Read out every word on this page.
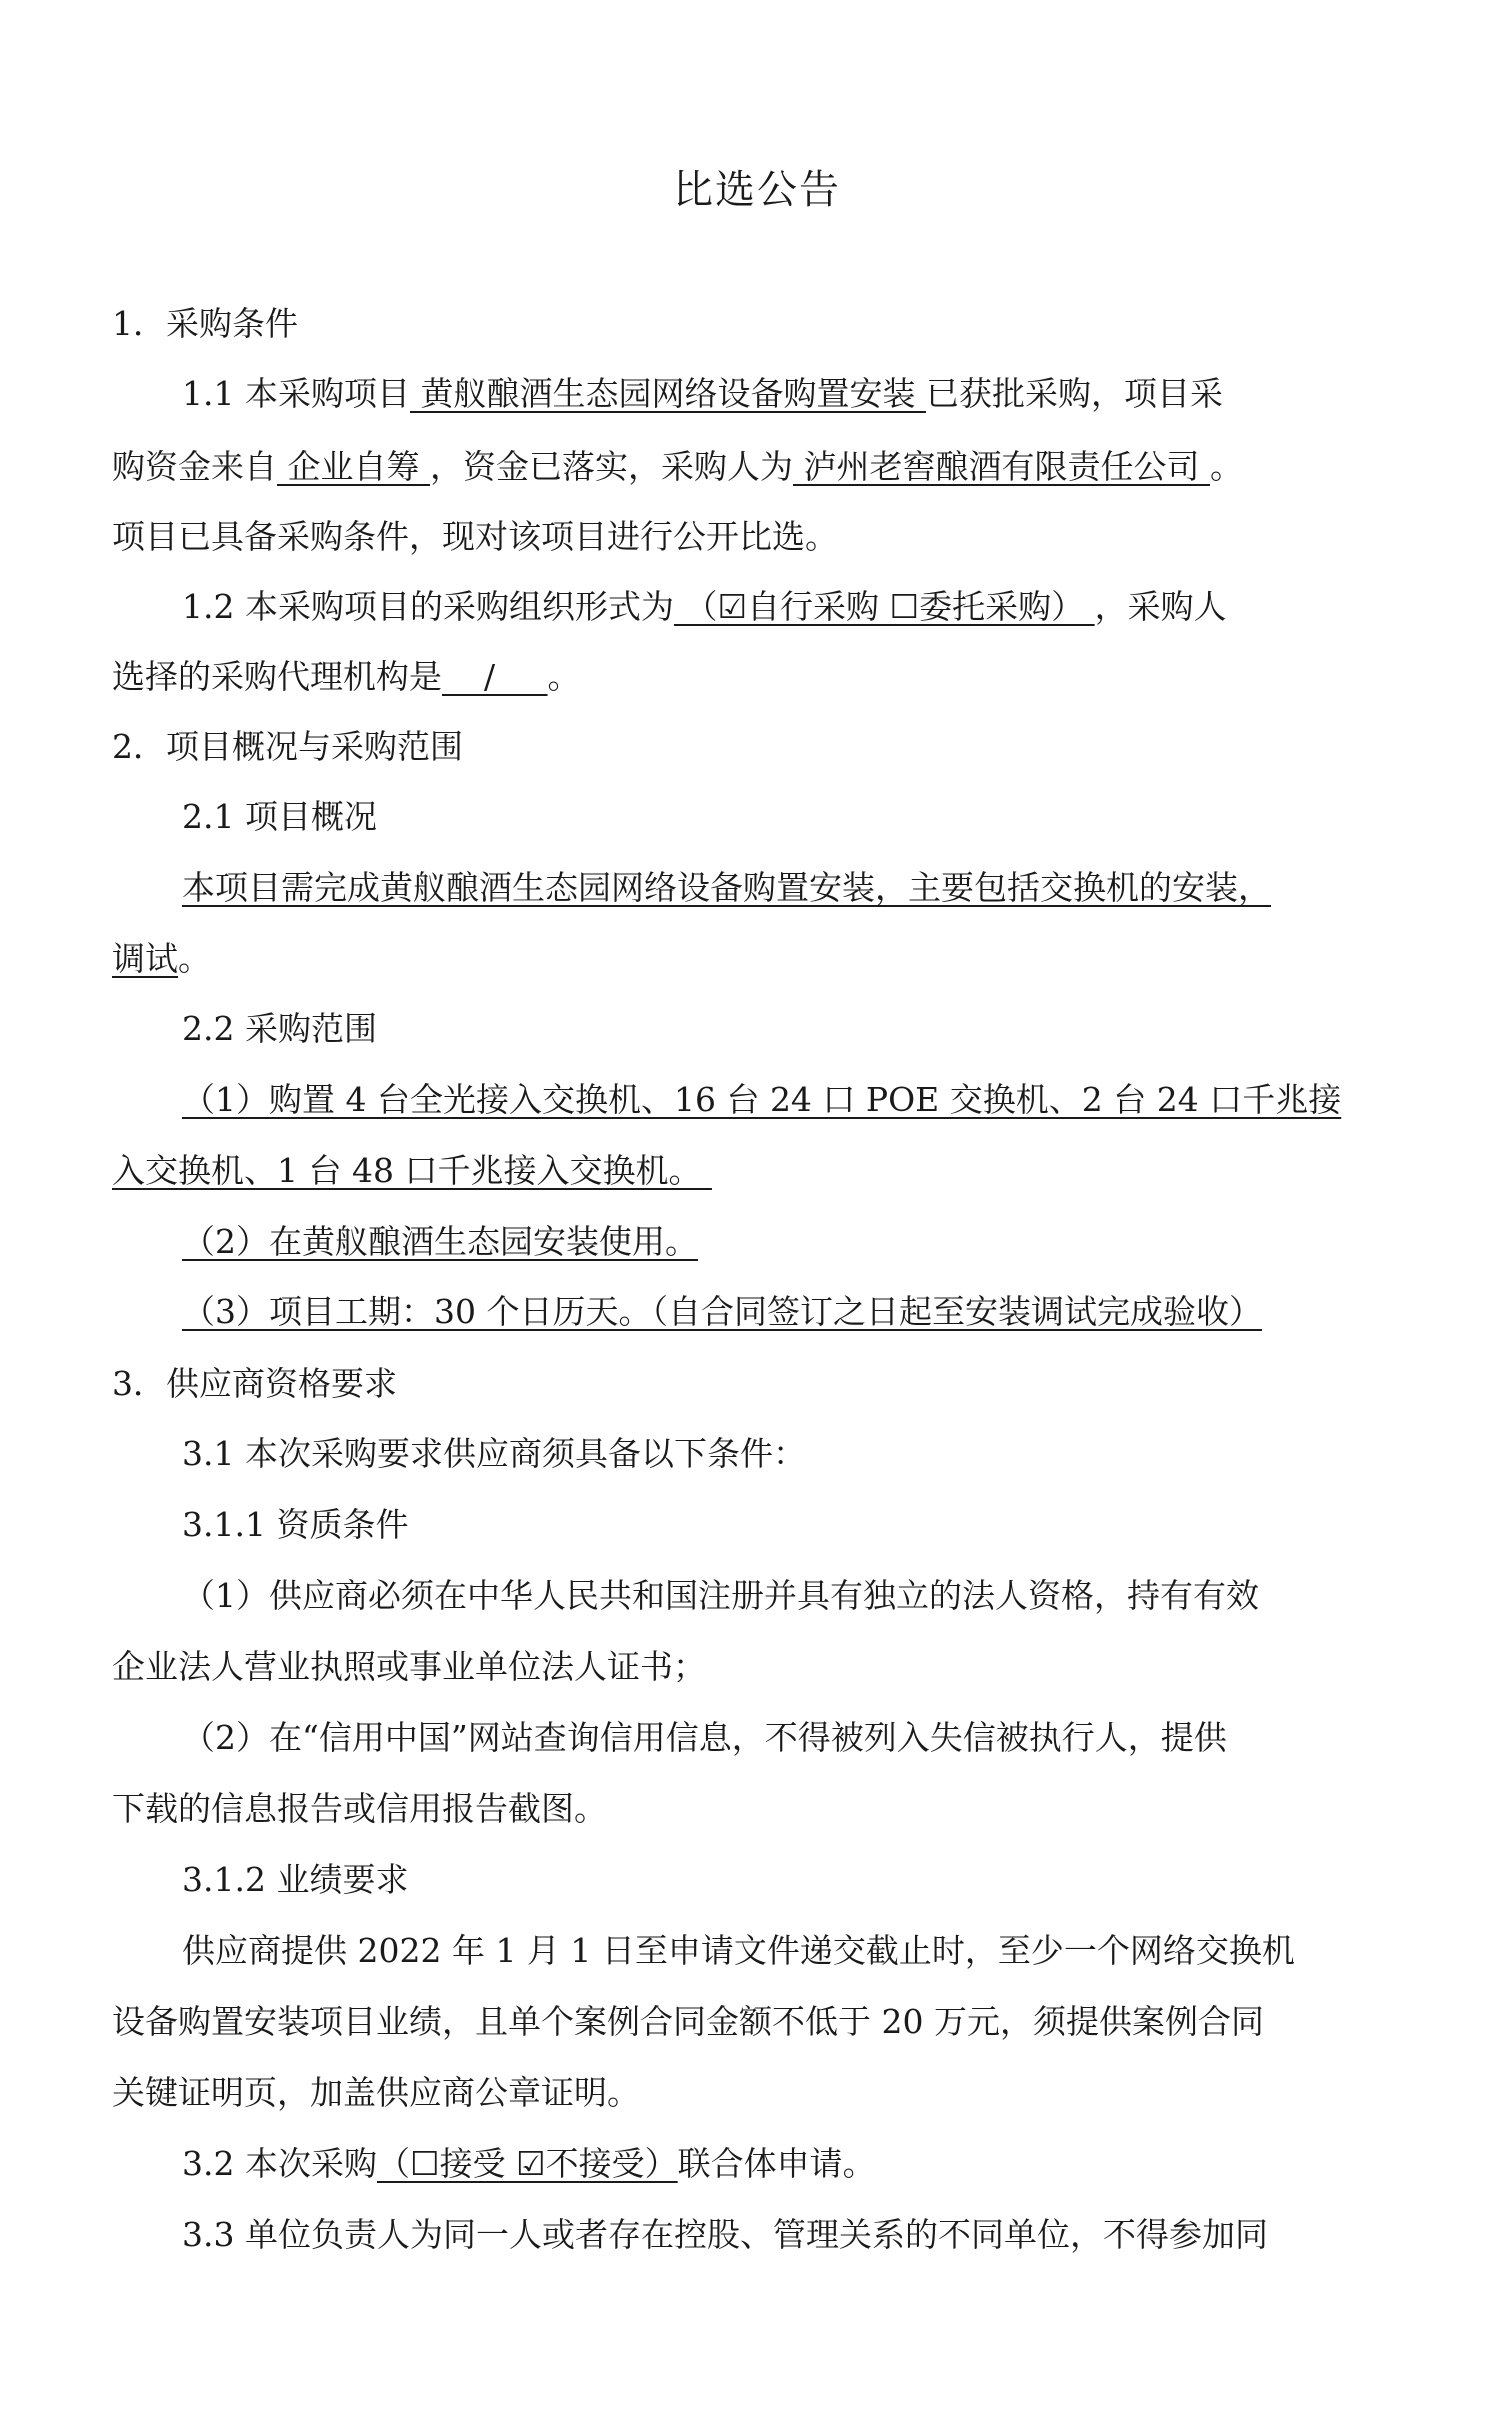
比选公告
1．采购条件
1.1 本采购项目 黄舣酿酒生态园网络设备购置安装 已获批采购，项目采
购资金来自 企业自筹 ，资金已落实，采购人为 泸州老窖酿酒有限责任公司 。
项目已具备采购条件，现对该项目进行公开比选。
1.2 本采购项目的采购组织形式为 （☑自行采购 ☐委托采购） ，采购人
选择的采购代理机构是    /     。
2．项目概况与采购范围
2.1 项目概况
本项目需完成黄舣酿酒生态园网络设备购置安装，主要包括交换机的安装，
调试。
2.2 采购范围
（1）购置 4 台全光接入交换机、16 台 24 口 POE 交换机、2 台 24 口千兆接
入交换机、1 台 48 口千兆接入交换机。
（2）在黄舣酿酒生态园安装使用。
（3）项目工期：30 个日历天。（自合同签订之日起至安装调试完成验收）
3．供应商资格要求
3.1 本次采购要求供应商须具备以下条件：
3.1.1 资质条件
（1）供应商必须在中华人民共和国注册并具有独立的法人资格，持有有效
企业法人营业执照或事业单位法人证书；
（2）在“信用中国”网站查询信用信息，不得被列入失信被执行人，提供
下载的信息报告或信用报告截图。
3.1.2 业绩要求
供应商提供 2022 年 1 月 1 日至申请文件递交截止时，至少一个网络交换机
设备购置安装项目业绩，且单个案例合同金额不低于 20 万元，须提供案例合同
关键证明页，加盖供应商公章证明。
3.2 本次采购（☐接受 ☑不接受）联合体申请。
3.3 单位负责人为同一人或者存在控股、管理关系的不同单位，不得参加同
